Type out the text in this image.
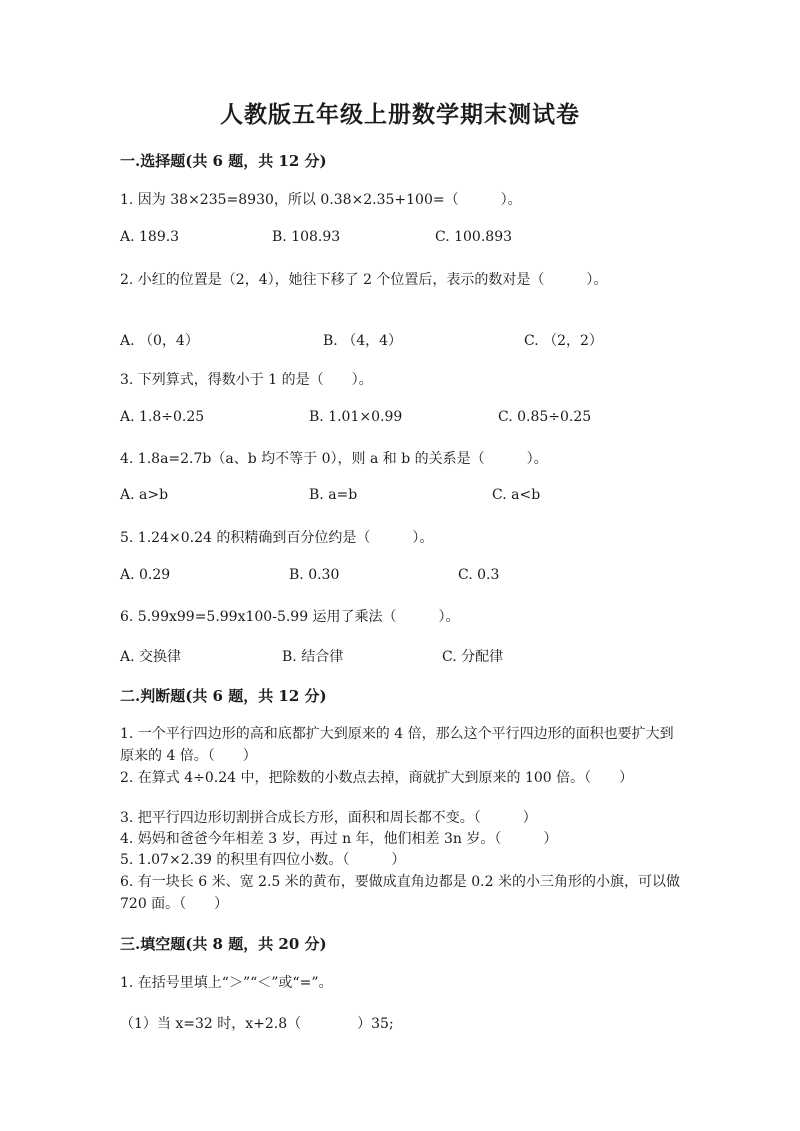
人教版五年级上册数学期末测试卷
一.选择题(共 6 题，共 12 分)
1. 因为 38×235=8930，所以 0.38×2.35+100=（　　　）。
A. 189.3	B. 108.93	C. 100.893
2. 小红的位置是（2，4），她往下移了 2 个位置后，表示的数对是（　　　）。
A. （0，4）	B. （4，4）	C. （2，2）
3. 下列算式，得数小于 1 的是（　　）。
A. 1.8÷0.25	B. 1.01×0.99	C. 0.85÷0.25
4. 1.8a=2.7b（a、b 均不等于 0），则 a 和 b 的关系是（　　　）。
A. a>b	B. a=b	C. a<b
5. 1.24×0.24 的积精确到百分位约是（　　　）。
A. 0.29	B. 0.30	C. 0.3
6. 5.99x99=5.99x100-5.99 运用了乘法（　　　）。
A. 交换律	B. 结合律	C. 分配律
二.判断题(共 6 题，共 12 分)
1. 一个平行四边形的高和底都扩大到原来的 4 倍，那么这个平行四边形的面积也要扩大到原来的 4 倍。（　　）
2. 在算式 4÷0.24 中，把除数的小数点去掉，商就扩大到原来的 100 倍。（　　）
3. 把平行四边形切割拼合成长方形，面积和周长都不变。（　　　）
4. 妈妈和爸爸今年相差 3 岁，再过 n 年，他们相差 3n 岁。（　　　）
5. 1.07×2.39 的积里有四位小数。（　　　）
6. 有一块长 6 米、宽 2.5 米的黄布，要做成直角边都是 0.2 米的小三角形的小旗，可以做 720 面。（　　）
三.填空题(共 8 题，共 20 分)
1. 在括号里填上“＞”“＜”或“=”。
（1）当 x=32 时，x+2.8（　　　　）35;
